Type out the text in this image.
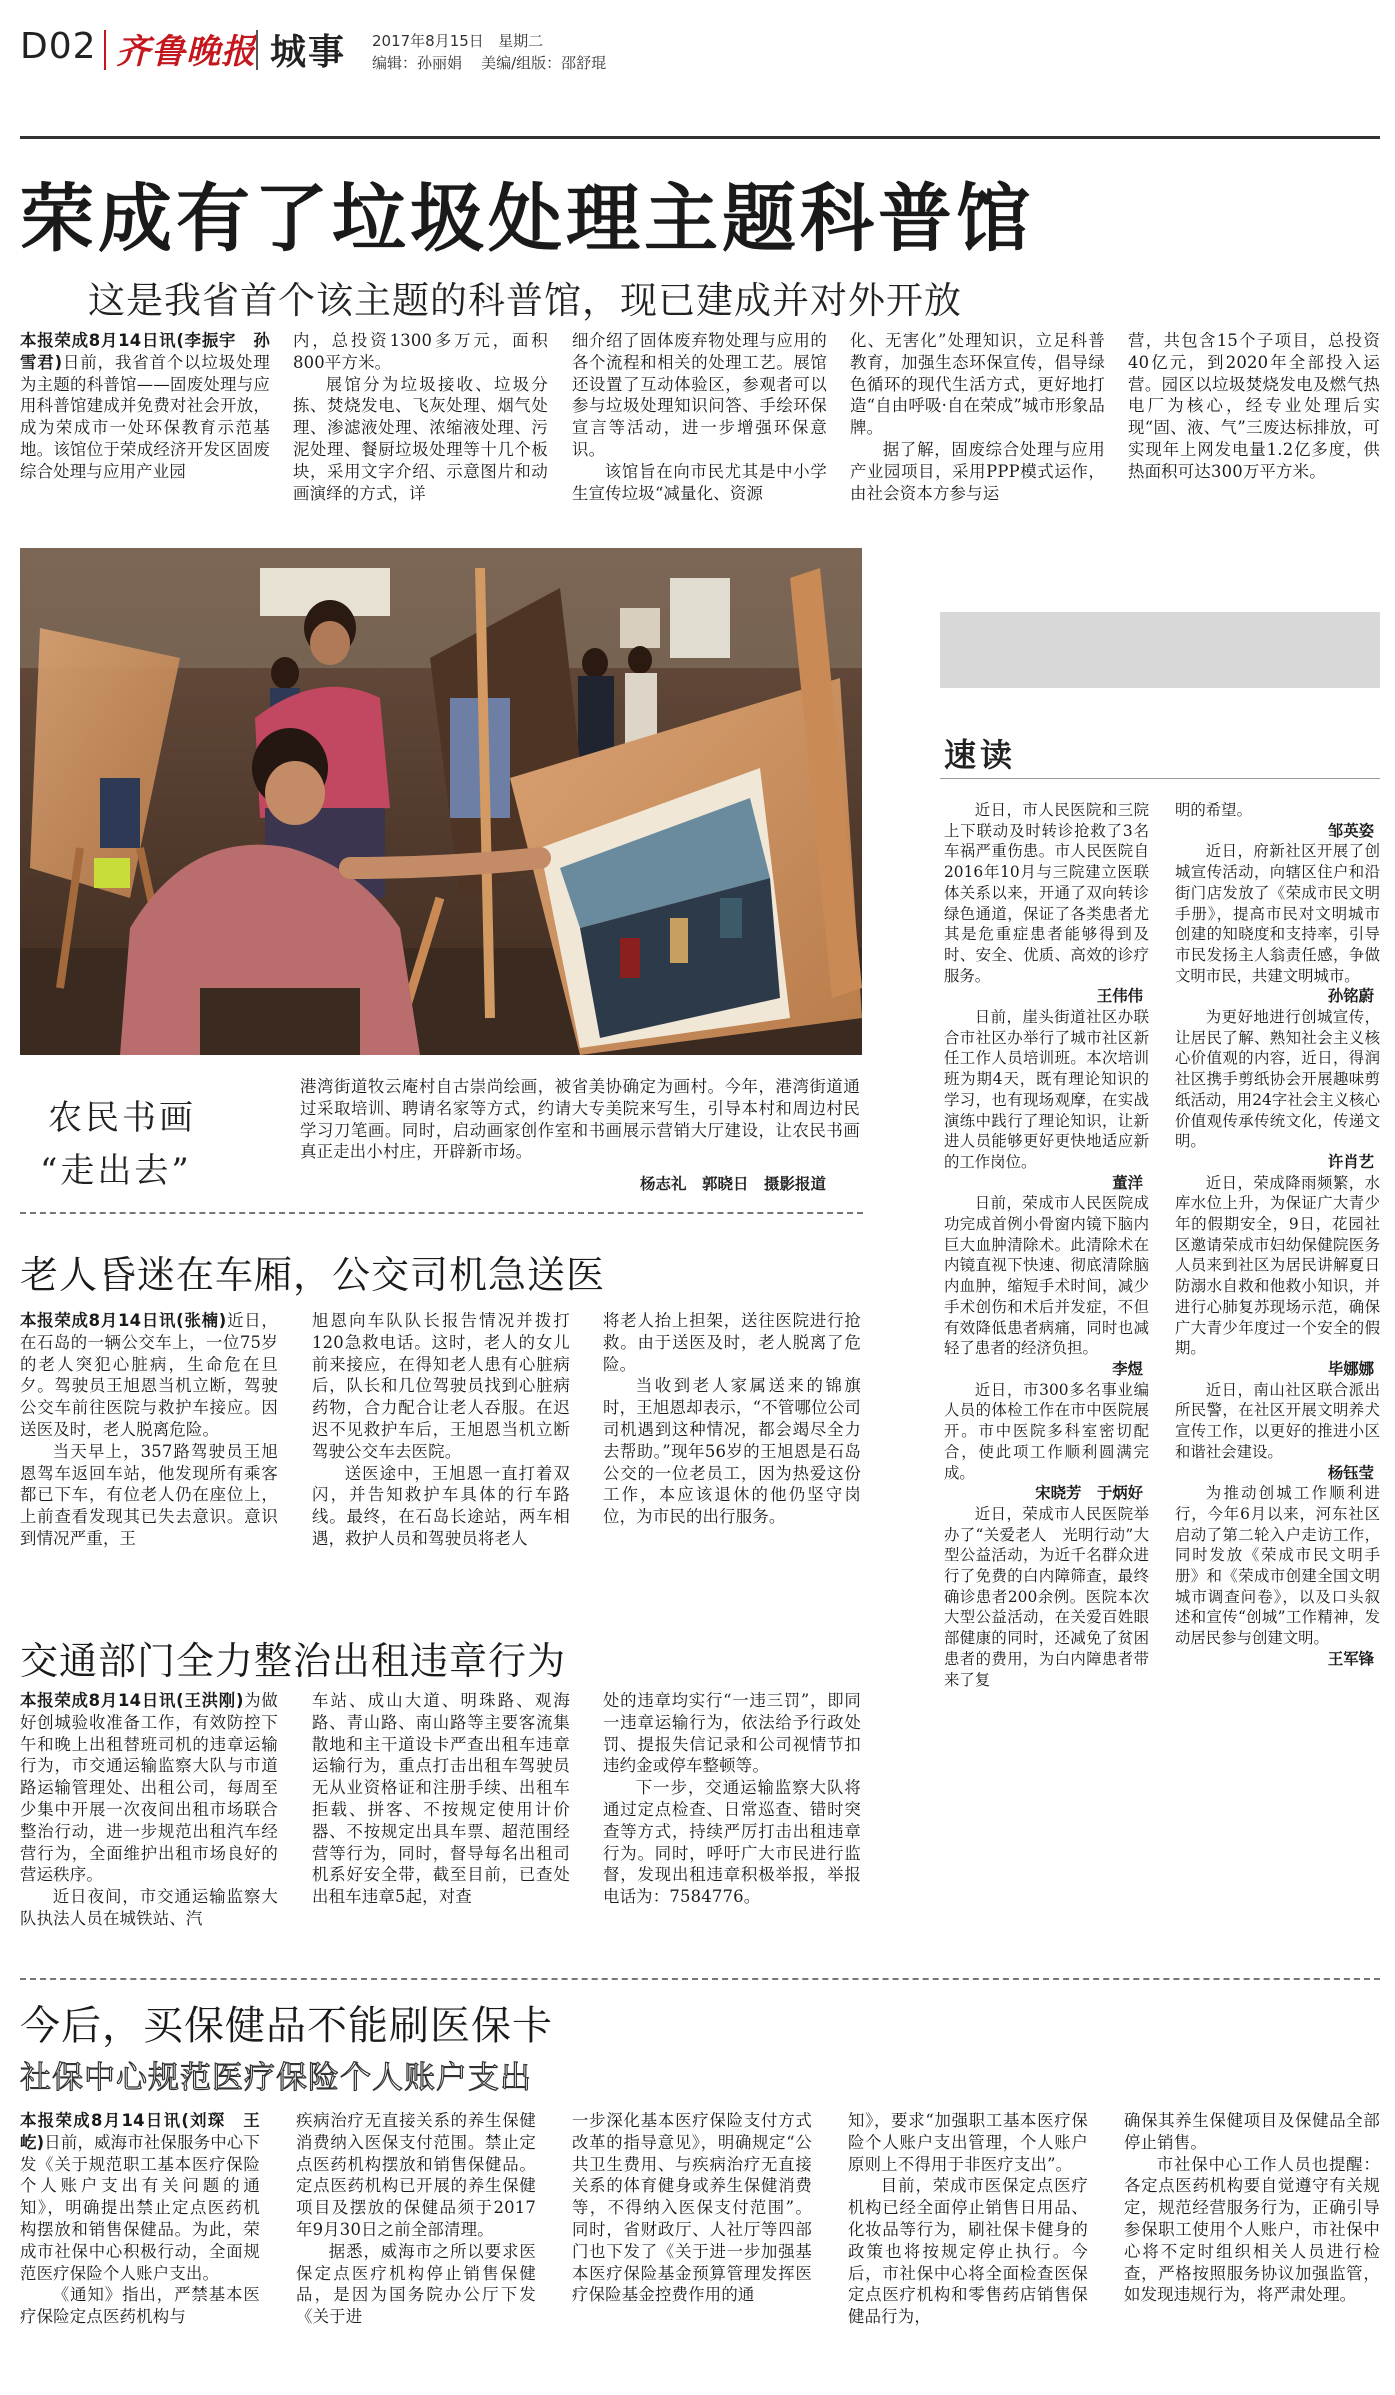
D02 齐鲁晚报 城事 2017年8月15日 星期二
编辑：孙丽娟 美编/组版：邵舒琨
荣成有了垃圾处理主题科普馆
这是我省首个该主题的科普馆，现已建成并对外开放

本报荣成8月14日讯(李振宇　孙雪君)日前，我省首个以垃圾处理为主题的科普馆——固废处理与应用科普馆建成并免费对社会开放，成为荣成市一处环保教育示范基地。该馆位于荣成经济开发区固废综合处理与应用产业园

内，总投资1300多万元，面积800平方米。

展馆分为垃圾接收、垃圾分拣、焚烧发电、飞灰处理、烟气处理、渗滤液处理、浓缩液处理、污泥处理、餐厨垃圾处理等十几个板块，采用文字介绍、示意图片和动画演绎的方式，详

细介绍了固体废弃物处理与应用的各个流程和相关的处理工艺。展馆还设置了互动体验区，参观者可以参与垃圾处理知识问答、手绘环保宣言等活动，进一步增强环保意识。

该馆旨在向市民尤其是中小学生宣传垃圾“减量化、资源

化、无害化”处理知识，立足科普教育，加强生态环保宣传，倡导绿色循环的现代生活方式，更好地打造“自由呼吸·自在荣成”城市形象品牌。

据了解，固废综合处理与应用产业园项目，采用PPP模式运作，由社会资本方参与运

营，共包含15个子项目，总投资40亿元，到2020年全部投入运营。园区以垃圾焚烧发电及燃气热电厂为核心，经专业处理后实现“固、液、气”三废达标排放，可实现年上网发电量1.2亿多度，供热面积可达300万平方米。

农民书画
“走出去”

港湾街道牧云庵村自古崇尚绘画，被省美协确定为画村。今年，港湾街道通过采取培训、聘请名家等方式，约请大专美院来写生，引导本村和周边村民学习刀笔画。同时，启动画家创作室和书画展示营销大厅建设，让农民书画真正走出小村庄，开辟新市场。

杨志礼　郭晓日　摄影报道
老人昏迷在车厢，公交司机急送医

本报荣成8月14日讯(张楠)近日，在石岛的一辆公交车上，一位75岁的老人突犯心脏病，生命危在旦夕。驾驶员王旭恩当机立断，驾驶公交车前往医院与救护车接应。因送医及时，老人脱离危险。

当天早上，357路驾驶员王旭恩驾车返回车站，他发现所有乘客都已下车，有位老人仍在座位上，上前查看发现其已失去意识。意识到情况严重，王

旭恩向车队队长报告情况并拨打120急救电话。这时，老人的女儿前来接应，在得知老人患有心脏病后，队长和几位驾驶员找到心脏病药物，合力配合让老人吞服。在迟迟不见救护车后，王旭恩当机立断驾驶公交车去医院。

送医途中，王旭恩一直打着双闪，并告知救护车具体的行车路线。最终，在石岛长途站，两车相遇，救护人员和驾驶员将老人

将老人抬上担架，送往医院进行抢救。由于送医及时，老人脱离了危险。

当收到老人家属送来的锦旗时，王旭恩却表示，“不管哪位公司司机遇到这种情况，都会竭尽全力去帮助。”现年56岁的王旭恩是石岛公交的一位老员工，因为热爱这份工作，本应该退休的他仍坚守岗位，为市民的出行服务。

交通部门全力整治出租违章行为

本报荣成8月14日讯(王洪刚)为做好创城验收准备工作，有效防控下午和晚上出租替班司机的违章运输行为，市交通运输监察大队与市道路运输管理处、出租公司，每周至少集中开展一次夜间出租市场联合整治行动，进一步规范出租汽车经营行为，全面维护出租市场良好的营运秩序。

近日夜间，市交通运输监察大队执法人员在城铁站、汽

车站、成山大道、明珠路、观海路、青山路、南山路等主要客流集散地和主干道设卡严查出租车违章运输行为，重点打击出租车驾驶员无从业资格证和注册手续、出租车拒载、拼客、不按规定使用计价器、不按规定出具车票、超范围经营等行为，同时，督导每名出租司机系好安全带，截至目前，已查处出租车违章5起，对查

处的违章均实行“一违三罚”，即同一违章运输行为，依法给予行政处罚、提报失信记录和公司视情节扣违约金或停车整顿等。

下一步，交通运输监察大队将通过定点检查、日常巡查、错时突查等方式，持续严厉打击出租违章行为。同时，呼吁广大市民进行监督，发现出租违章积极举报，举报电话为：7584776。

速读

近日，市人民医院和三院上下联动及时转诊抢救了3名车祸严重伤患。市人民医院自2016年10月与三院建立医联体关系以来，开通了双向转诊绿色通道，保证了各类患者尤其是危重症患者能够得到及时、安全、优质、高效的诊疗服务。

王伟伟

日前，崖头街道社区办联合市社区办举行了城市社区新任工作人员培训班。本次培训班为期4天，既有理论知识的学习，也有现场观摩，在实战演练中践行了理论知识，让新进人员能够更好更快地适应新的工作岗位。

董洋

日前，荣成市人民医院成功完成首例小骨窗内镜下脑内巨大血肿清除术。此清除术在内镜直视下快速、彻底清除脑内血肿，缩短手术时间，减少手术创伤和术后并发症，不但有效降低患者病痛，同时也减轻了患者的经济负担。

李煜

近日，市300多名事业编人员的体检工作在市中医院展开。市中医院多科室密切配合，使此项工作顺利圆满完成。

宋晓芳　于炳好

近日，荣成市人民医院举办了“关爱老人　光明行动”大型公益活动，为近千名群众进行了免费的白内障筛查，最终确诊患者200余例。医院本次大型公益活动，在关爱百姓眼部健康的同时，还减免了贫困患者的费用，为白内障患者带来了复

明的希望。

邹英姿

近日，府新社区开展了创城宣传活动，向辖区住户和沿街门店发放了《荣成市民文明手册》，提高市民对文明城市创建的知晓度和支持率，引导市民发扬主人翁责任感，争做文明市民，共建文明城市。

孙铭蔚

为更好地进行创城宣传，让居民了解、熟知社会主义核心价值观的内容，近日，得润社区携手剪纸协会开展趣味剪纸活动，用24字社会主义核心价值观传承传统文化，传递文明。

许肖艺

近日，荣成降雨频繁，水库水位上升，为保证广大青少年的假期安全，9日，花园社区邀请荣成市妇幼保健院医务人员来到社区为居民讲解夏日防溺水自救和他救小知识，并进行心肺复苏现场示范，确保广大青少年度过一个安全的假期。

毕娜娜

近日，南山社区联合派出所民警，在社区开展文明养犬宣传工作，以更好的推进小区和谐社会建设。

杨钰莹

为推动创城工作顺利进行，今年6月以来，河东社区启动了第二轮入户走访工作，同时发放《荣成市民文明手册》和《荣成市创建全国文明城市调查问卷》，以及口头叙述和宣传“创城”工作精神，发动居民参与创建文明。

王军锋
今后，买保健品不能刷医保卡
社保中心规范医疗保险个人账户支出

本报荣成8月14日讯(刘琛　王屹)日前，威海市社保服务中心下发《关于规范职工基本医疗保险个人账户支出有关问题的通知》，明确提出禁止定点医药机构摆放和销售保健品。为此，荣成市社保中心积极行动，全面规范医疗保险个人账户支出。

《通知》指出，严禁基本医疗保险定点医药机构与

疾病治疗无直接关系的养生保健消费纳入医保支付范围。禁止定点医药机构摆放和销售保健品。定点医药机构已开展的养生保健项目及摆放的保健品须于2017年9月30日之前全部清理。

据悉，威海市之所以要求医保定点医疗机构停止销售保健品，是因为国务院办公厅下发《关于进

一步深化基本医疗保险支付方式改革的指导意见》，明确规定“公共卫生费用、与疾病治疗无直接关系的体育健身或养生保健消费等，不得纳入医保支付范围”。同时，省财政厅、人社厅等四部门也下发了《关于进一步加强基本医疗保险基金预算管理发挥医疗保险基金控费作用的通

知》，要求“加强职工基本医疗保险个人账户支出管理，个人账户原则上不得用于非医疗支出”。

目前，荣成市医保定点医疗机构已经全面停止销售日用品、化妆品等行为，刷社保卡健身的政策也将按规定停止执行。今后，市社保中心将全面检查医保定点医疗机构和零售药店销售保健品行为，

确保其养生保健项目及保健品全部停止销售。

市社保中心工作人员也提醒：各定点医药机构要自觉遵守有关规定，规范经营服务行为，正确引导参保职工使用个人账户，市社保中心将不定时组织相关人员进行检查，严格按照服务协议加强监管，如发现违规行为，将严肃处理。
